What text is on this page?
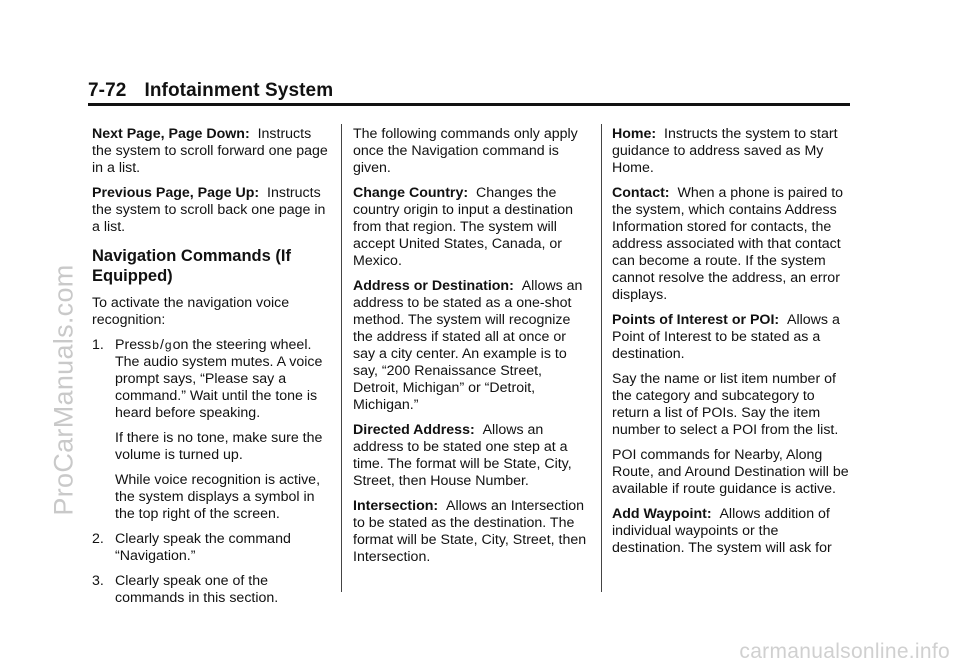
7-72 Infotainment System
Next Page, Page Down: Instructs the system to scroll forward one page in a list.
Previous Page, Page Up: Instructs the system to scroll back one page in a list.
Navigation Commands (If Equipped)
To activate the navigation voice recognition:
1. Pressb/gon the steering wheel. The audio system mutes. A voice prompt says, “Please say a command.” Wait until the tone is heard before speaking.
If there is no tone, make sure the volume is turned up.
While voice recognition is active, the system displays a symbol in the top right of the screen.
2. Clearly speak the command “Navigation.”
3. Clearly speak one of the commands in this section.
The following commands only apply once the Navigation command is given.
Change Country: Changes the country origin to input a destination from that region. The system will accept United States, Canada, or Mexico.
Address or Destination: Allows an address to be stated as a one-shot method. The system will recognize the address if stated all at once or say a city center. An example is to say, “200 Renaissance Street, Detroit, Michigan” or “Detroit, Michigan.”
Directed Address: Allows an address to be stated one step at a time. The format will be State, City, Street, then House Number.
Intersection: Allows an Intersection to be stated as the destination. The format will be State, City, Street, then Intersection.
Home: Instructs the system to start guidance to address saved as My Home.
Contact: When a phone is paired to the system, which contains Address Information stored for contacts, the address associated with that contact can become a route. If the system cannot resolve the address, an error displays.
Points of Interest or POI: Allows a Point of Interest to be stated as a destination.
Say the name or list item number of the category and subcategory to return a list of POIs. Say the item number to select a POI from the list.
POI commands for Nearby, Along Route, and Around Destination will be available if route guidance is active.
Add Waypoint: Allows addition of individual waypoints or the destination. The system will ask for
ProCarManuals.com
carmanualsonline.info
